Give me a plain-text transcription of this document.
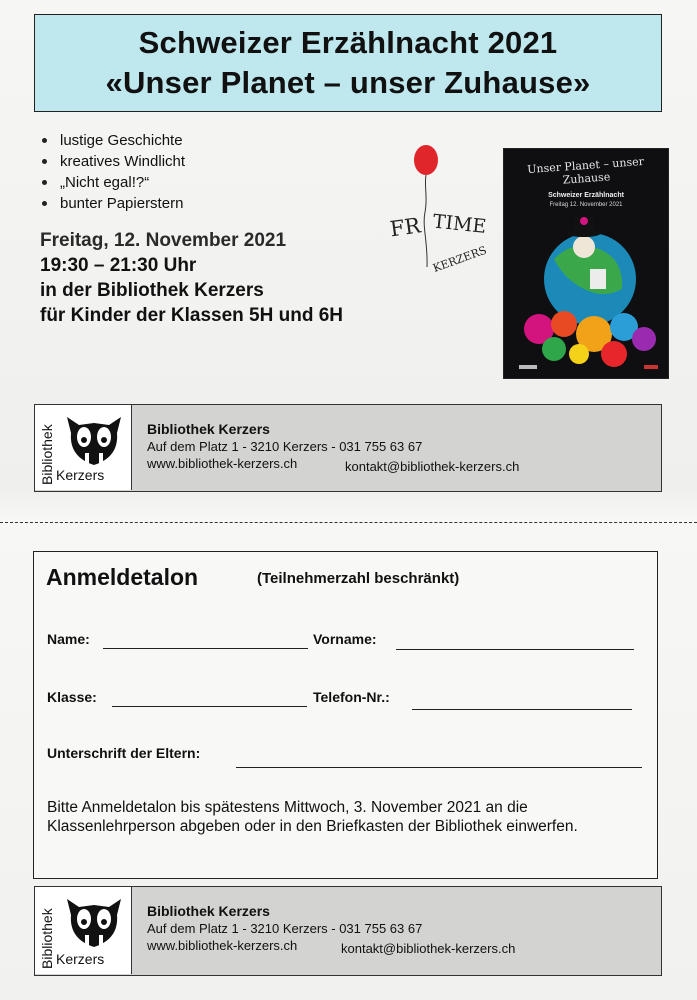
Schweizer Erzählnacht 2021
«Unser Planet – unser Zuhause»
lustige Geschichte
kreatives Windlicht
„Nicht egal!?“
bunter Papierstern
Freitag, 12. November 2021
19:30 – 21:30 Uhr
in der Bibliothek Kerzers
für Kinder der Klassen 5H und 6H
FR TIME
KERZERS
Unser Planet – unser Zuhause
Schweizer Erzählnacht
Freitag 12. November 2021
Bibliothek Kerzers
Bibliothek Kerzers
Auf dem Platz 1 - 3210 Kerzers - 031 755 63 67
www.bibliothek-kerzers.ch	kontakt@bibliothek-kerzers.ch
Anmeldetalon	(Teilnehmerzahl beschränkt)
Name:	Vorname:
Klasse:	Telefon-Nr.:
Unterschrift der Eltern:
Bitte Anmeldetalon bis spätestens Mittwoch, 3. November 2021 an die Klassenlehrperson abgeben oder in den Briefkasten der Bibliothek einwerfen.
Bibliothek Kerzers
Bibliothek Kerzers
Auf dem Platz 1 - 3210 Kerzers - 031 755 63 67
www.bibliothek-kerzers.ch	kontakt@bibliothek-kerzers.ch
